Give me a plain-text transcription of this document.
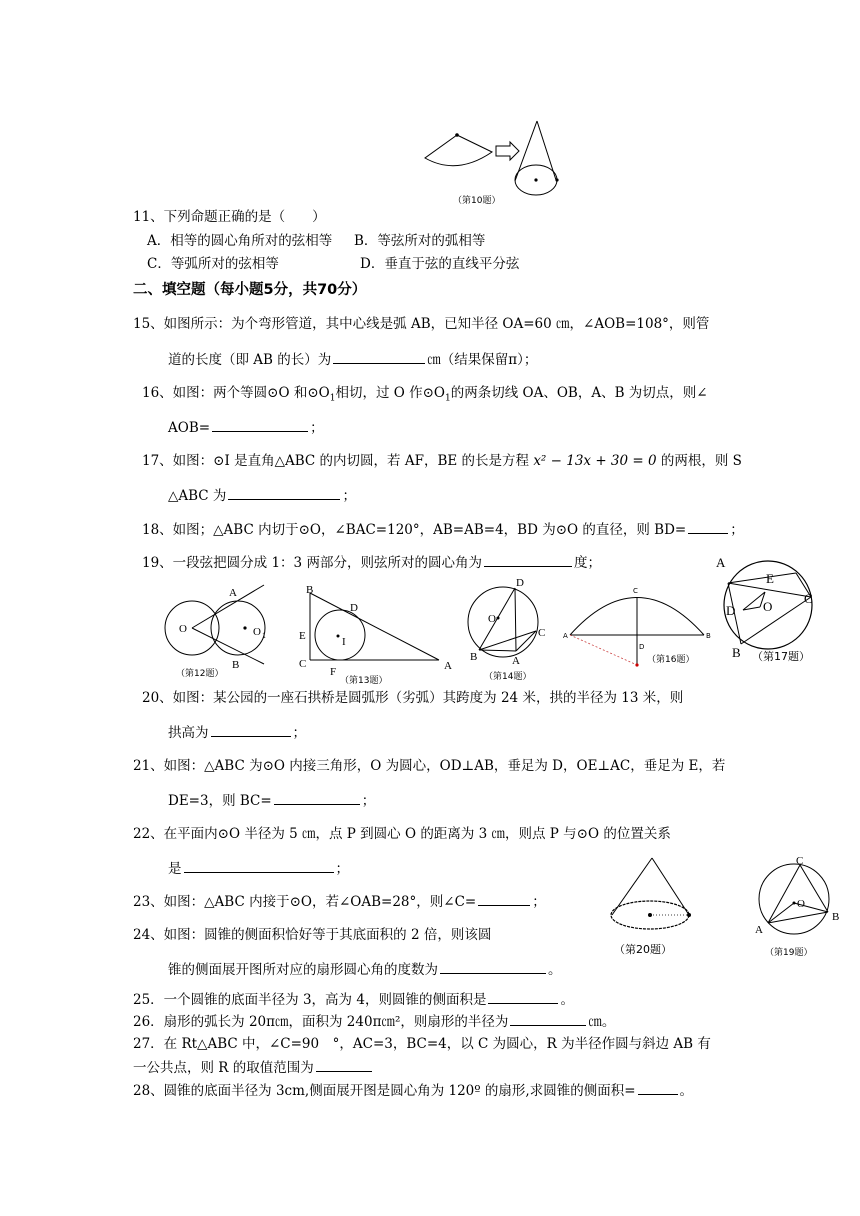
（第10题）
11、下列命题正确的是（　　）
A．相等的圆心角所对的弦相等 B．等弦所对的弧相等
C．等弧所对的弦相等	D．垂直于弦的直线平分弦
二、填空题（每小题5分，共70分）
15、如图所示：为个弯形管道，其中心线是弧 AB，已知半径 OA=60 ㎝，∠AOB=108°，则管
道的长度（即 AB 的长）为	㎝（结果保留π）；
16、如图：两个等圆⊙O 和$⊙O_1$相切，过 O 作$⊙O_1$的两条切线 OA、OB，A、B 为切点，则∠
AOB=	；
17、如图：⊙I 是直角△ABC 的内切圆，若 AF，BE 的长是方程 x² − 13x + 30 = 0 的两根，则 S
△ABC 为	；
18、如图；△ABC 内切于⊙O，∠BAC=120°，AB=AB=4，BD 为⊙O 的直径，则 BD=	；
19、一段弦把圆分成 1：3 两部分，则弦所对的圆心角为	度；
A
B
O	O 1
（第12题）
B
D
E
C
F	A
I
（第13题）
D
O
C
B	A
（第14题）
C
A	B
D
（第16题）
A
E
C
D O
B （第17题）
20、如图：某公园的一座石拱桥是圆弧形（劣弧）其跨度为 24 米，拱的半径为 13 米，则
拱高为	；
21、如图：△ABC 为⊙O 内接三角形，O 为圆心，OD⊥AB，垂足为 D，OE⊥AC，垂足为 E，若
DE=3，则 BC=	；
22、在平面内⊙O 半径为 5 ㎝，点 P 到圆心 O 的距离为 3 ㎝，则点 P 与⊙O 的位置关系
是	；
23、如图：△ABC 内接于⊙O，若∠OAB=28°，则∠C=	；
24、如图：圆锥的侧面积恰好等于其底面积的 2 倍，则该圆
锥的侧面展开图所对应的扇形圆心角的度数为	。
（第20题）
C
O
A
B
（第19题）
25．一个圆锥的底面半径为 3，高为 4，则圆锥的侧面积是	。
26．扇形的弧长为 20π㎝，面积为 240π㎝²，则扇形的半径为	㎝。
27．在 Rt△ABC 中，∠C=90　°，AC=3，BC=4，以 C 为圆心，R 为半径作圆与斜边 AB 有
一公共点，则 R 的取值范围为
28、圆锥的底面半径为 3cm,侧面展开图是圆心角为 120º 的扇形,求圆锥的侧面积=	。
